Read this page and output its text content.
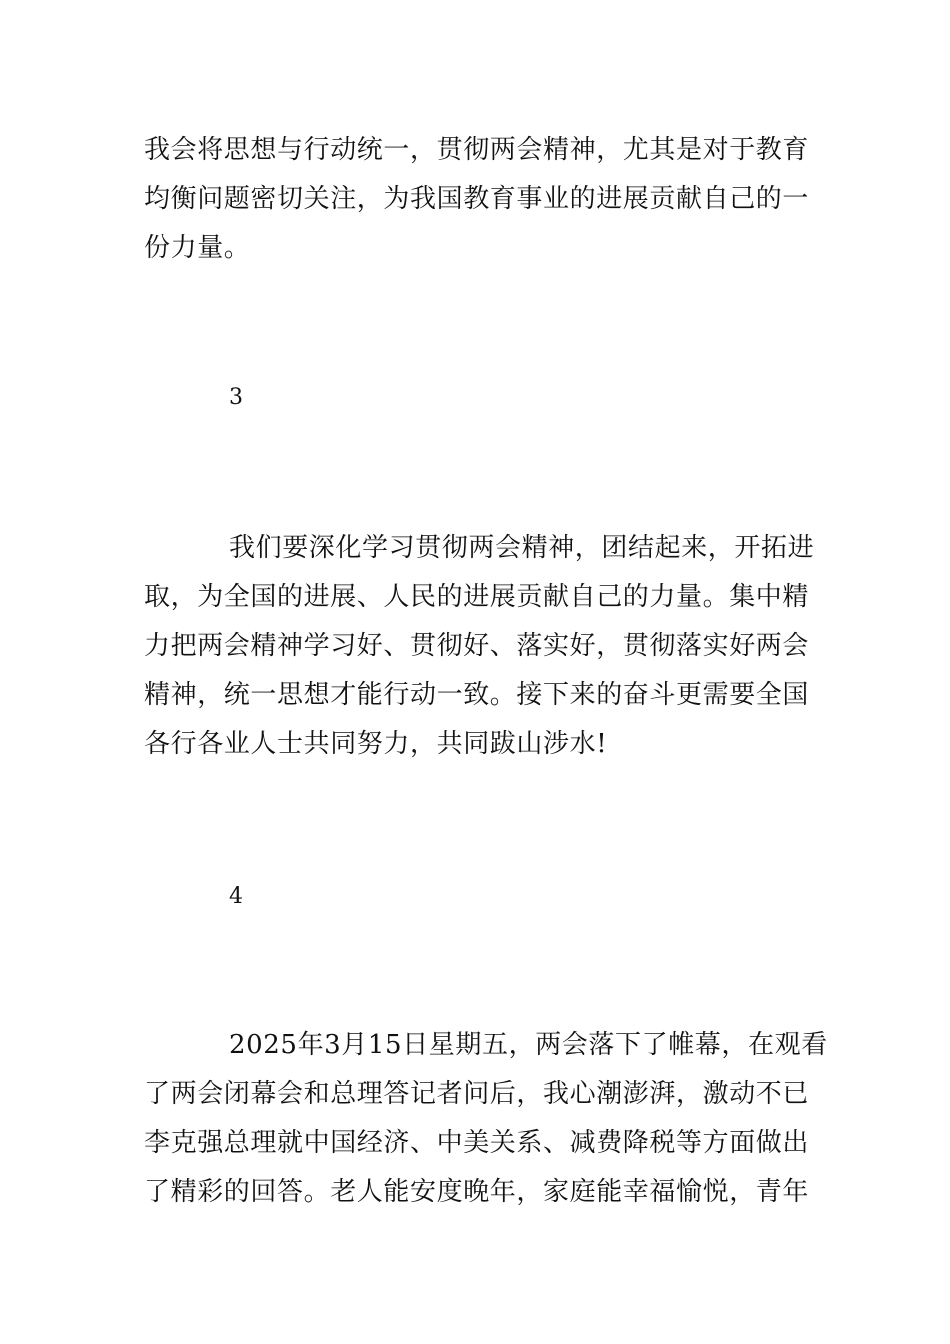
我会将思想与行动统一，贯彻两会精神，尤其是对于教育
均衡问题密切关注，为我国教育事业的进展贡献自己的一
份力量。

3

我们要深化学习贯彻两会精神，团结起来，开拓进
取，为全国的进展、人民的进展贡献自己的力量。集中精
力把两会精神学习好、贯彻好、落实好，贯彻落实好两会
精神，统一思想才能行动一致。接下来的奋斗更需要全国
各行各业人士共同努力，共同跋山涉水!

4

2025年3月15日星期五，两会落下了帷幕，在观看
了两会闭幕会和总理答记者问后，我心潮澎湃，激动不已
李克强总理就中国经济、中美关系、减费降税等方面做出
了精彩的回答。老人能安度晚年，家庭能幸福愉悦，青年
